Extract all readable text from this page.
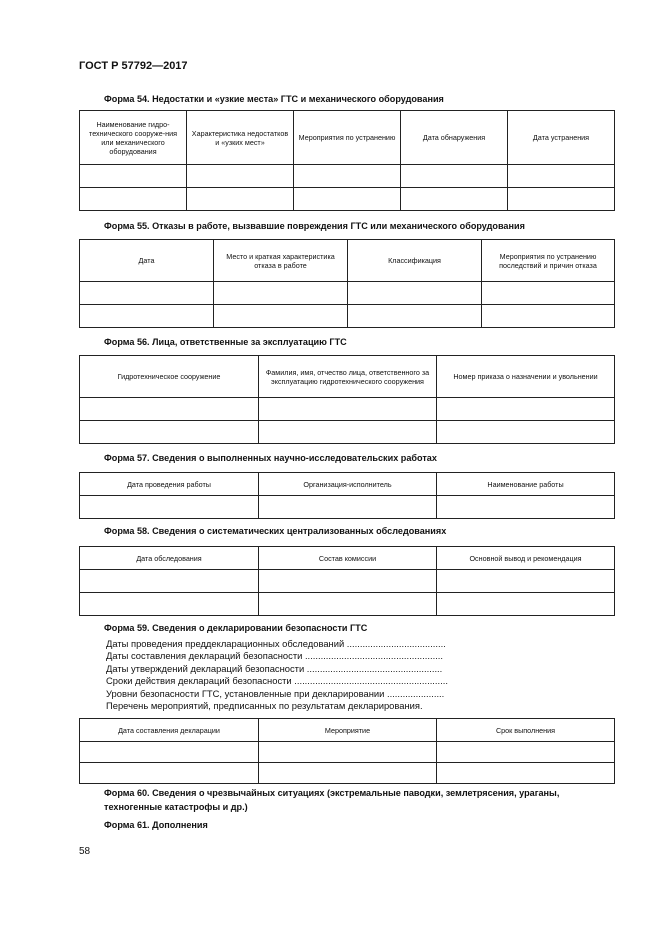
ГОСТ Р 57792—2017
Форма 54. Недостатки и «узкие места» ГТС и механического оборудования
Наименование гидро-технического сооруже-ния или механического оборудования	Характеристика недостатков и «узких мест»	Мероприятия по устранению	Дата обнаружения	Дата устранения

Форма 55. Отказы в работе, вызвавшие повреждения ГТС или механического оборудования
Дата	Место и краткая характеристика отказа в работе	Классификация	Мероприятия по устранению последствий и причин отказа

Форма 56. Лица, ответственные за эксплуатацию ГТС
Гидротехническое сооружение	Фамилия, имя, отчество лица, ответственного за эксплуатацию гидротехнического сооружения	Номер приказа о назначении и увольнении

Форма 57. Сведения о выполненных научно-исследовательских работах
Дата проведения работы	Организация-исполнитель	Наименование работы

Форма 58. Сведения о систематических централизованных обследованиях
Дата обследования	Состав комиссии	Основной вывод и рекомендация

Форма 59. Сведения о декларировании безопасности ГТС
Даты проведения преддекларационных обследований ......................................
Даты составления деклараций безопасности .....................................................
Даты утверждений деклараций безопасности ....................................................
Сроки действия деклараций безопасности ...........................................................
Уровни безопасности ГТС, установленные при декларировании ......................
Перечень мероприятий, предписанных по результатам декларирования.
Дата составления декларации	Мероприятие	Срок выполнения

Форма 60. Сведения о чрезвычайных ситуациях (экстремальные паводки, землетрясения, ураганы, техногенные катастрофы и др.)
Форма 61. Дополнения
58
